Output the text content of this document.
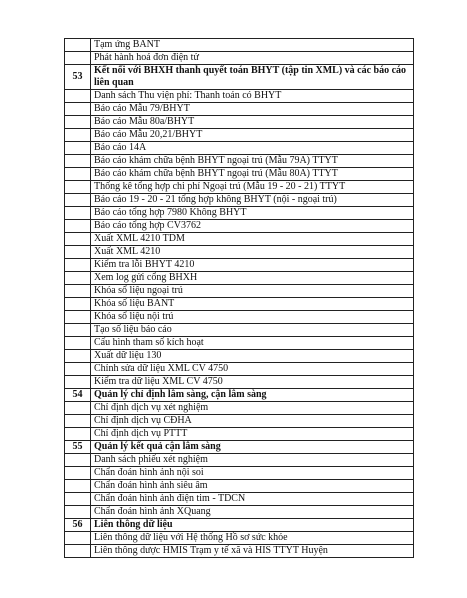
	Tạm ứng BANT
	Phát hành hoá đơn điện tử
53	Kết nối với BHXH thanh quyết toán BHYT (tập tin XML) và các báo cáo liên quan
	Danh sách Thu viện phí: Thanh toán có BHYT
	Báo cáo Mẫu 79/BHYT
	Báo cáo Mẫu 80a/BHYT
	Báo cáo Mẫu 20,21/BHYT
	Báo cáo 14A
	Báo cáo khám chữa bệnh BHYT ngoại trú (Mẫu 79A) TTYT
	Báo cáo khám chữa bệnh BHYT ngoại trú (Mẫu 80A) TTYT
	Thống kê tổng hợp chi phí Ngoại trú (Mẫu 19 - 20 - 21) TTYT
	Báo cáo 19 - 20 - 21 tổng hợp không BHYT (nội - ngoại trú)
	Báo cáo tổng hợp 7980 Không BHYT
	Báo cáo tổng hợp CV3762
	Xuất XML 4210 TDM
	Xuất XML 4210
	Kiểm tra lỗi BHYT 4210
	Xem log gửi cổng BHXH
	Khóa sổ liệu ngoại trú
	Khóa số liệu BANT
	Khóa sổ liệu nội trú
	Tạo số liệu báo cáo
	Cấu hình tham số kích hoạt
	Xuất dữ liệu 130
	Chỉnh sửa dữ liệu XML CV 4750
	Kiểm tra dữ liệu XML CV 4750
54	Quản lý chỉ định lâm sàng, cận lâm sàng
	Chỉ định dịch vụ xét nghiệm
	Chỉ định dịch vụ CĐHA
	Chỉ định dịch vụ PTTT
55	Quản lý kết quả cận lâm sàng
	Danh sách phiếu xét nghiệm
	Chẩn đoán hình ảnh nội soi
	Chẩn đoán hình ảnh siêu âm
	Chẩn đoán hình ảnh điện tim - TDCN
	Chẩn đoán hình ảnh XQuang
56	Liên thông dữ liệu
	Liên thông dữ liệu với Hệ thống Hồ sơ sức khỏe
	Liên thông dược HMIS Trạm y tế xã và HIS TTYT Huyện
